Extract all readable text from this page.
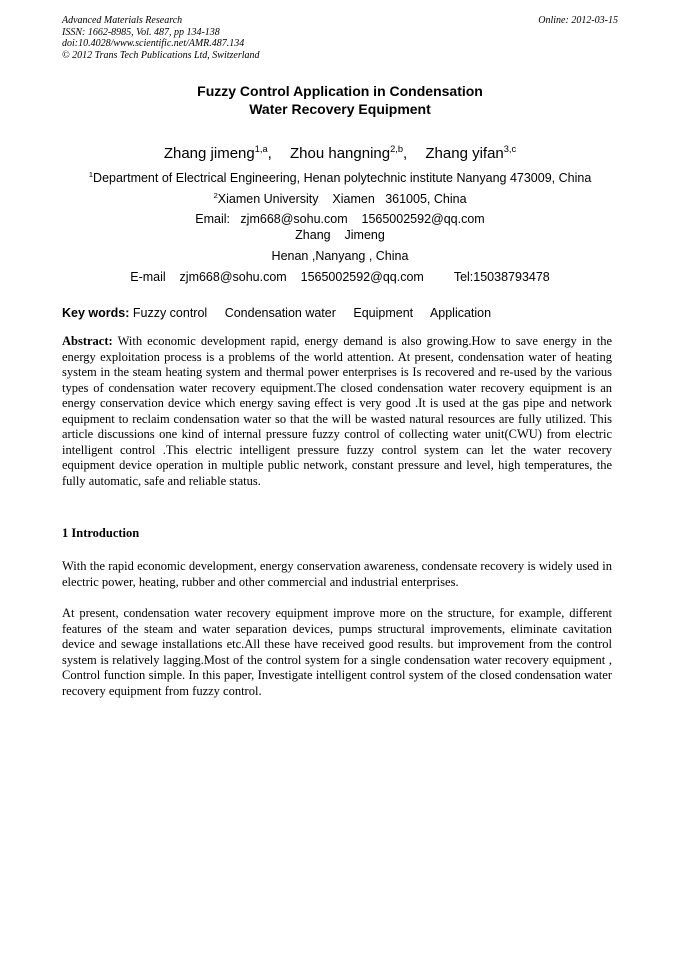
Advanced Materials Research
ISSN: 1662-8985, Vol. 487, pp 134-138
doi:10.4028/www.scientific.net/AMR.487.134
© 2012 Trans Tech Publications Ltd, Switzerland
Online: 2012-03-15
Fuzzy Control Application in Condensation
Water Recovery Equipment
Zhang jimeng$^{1,a}$, Zhou hangning$^{2,b}$, Zhang yifan$^{3,c}$
$^1$Department of Electrical Engineering, Henan polytechnic institute Nanyang 473009, China
$^2$Xiamen University    Xiamen   361005, China
Email:   zjm668@sohu.com    1565002592@qq.com
Zhang    Jimeng
Henan ,Nanyang , China
E-mail    zjm668@sohu.com    1565002592@qq.com Tel:15038793478
Key words: Fuzzy control Condensation water Equipment Application
Abstract: With economic development rapid, energy demand is also growing.How to save energy in the energy exploitation process is a problems of the world attention. At present, condensation water of heating system in the steam heating system and thermal power enterprises is Is recovered and re-used by the various types of condensation water recovery equipment.The closed condensation water recovery equipment is an energy conservation device which energy saving effect is very good .It is used at the gas pipe and network equipment to reclaim condensation water so that the will be wasted natural resources are fully utilized. This article discussions one kind of internal pressure fuzzy control of collecting water unit(CWU) from electric intelligent control .This electric intelligent pressure fuzzy control system can let the water recovery equipment device operation in multiple public network, constant pressure and level, high temperatures, the fully automatic, safe and reliable status.
1 Introduction
With the rapid economic development, energy conservation awareness, condensate recovery is widely used in electric power, heating, rubber and other commercial and industrial enterprises.
At present, condensation water recovery equipment improve more on the structure, for example, different features of the steam and water separation devices, pumps structural improvements, eliminate cavitation device and sewage installations etc.All these have received good results. but improvement from the control system is relatively lagging.Most of the control system for a single condensation water recovery equipment , Control function simple. In this paper, Investigate intelligent control system of the closed condensation water recovery equipment from fuzzy control.
